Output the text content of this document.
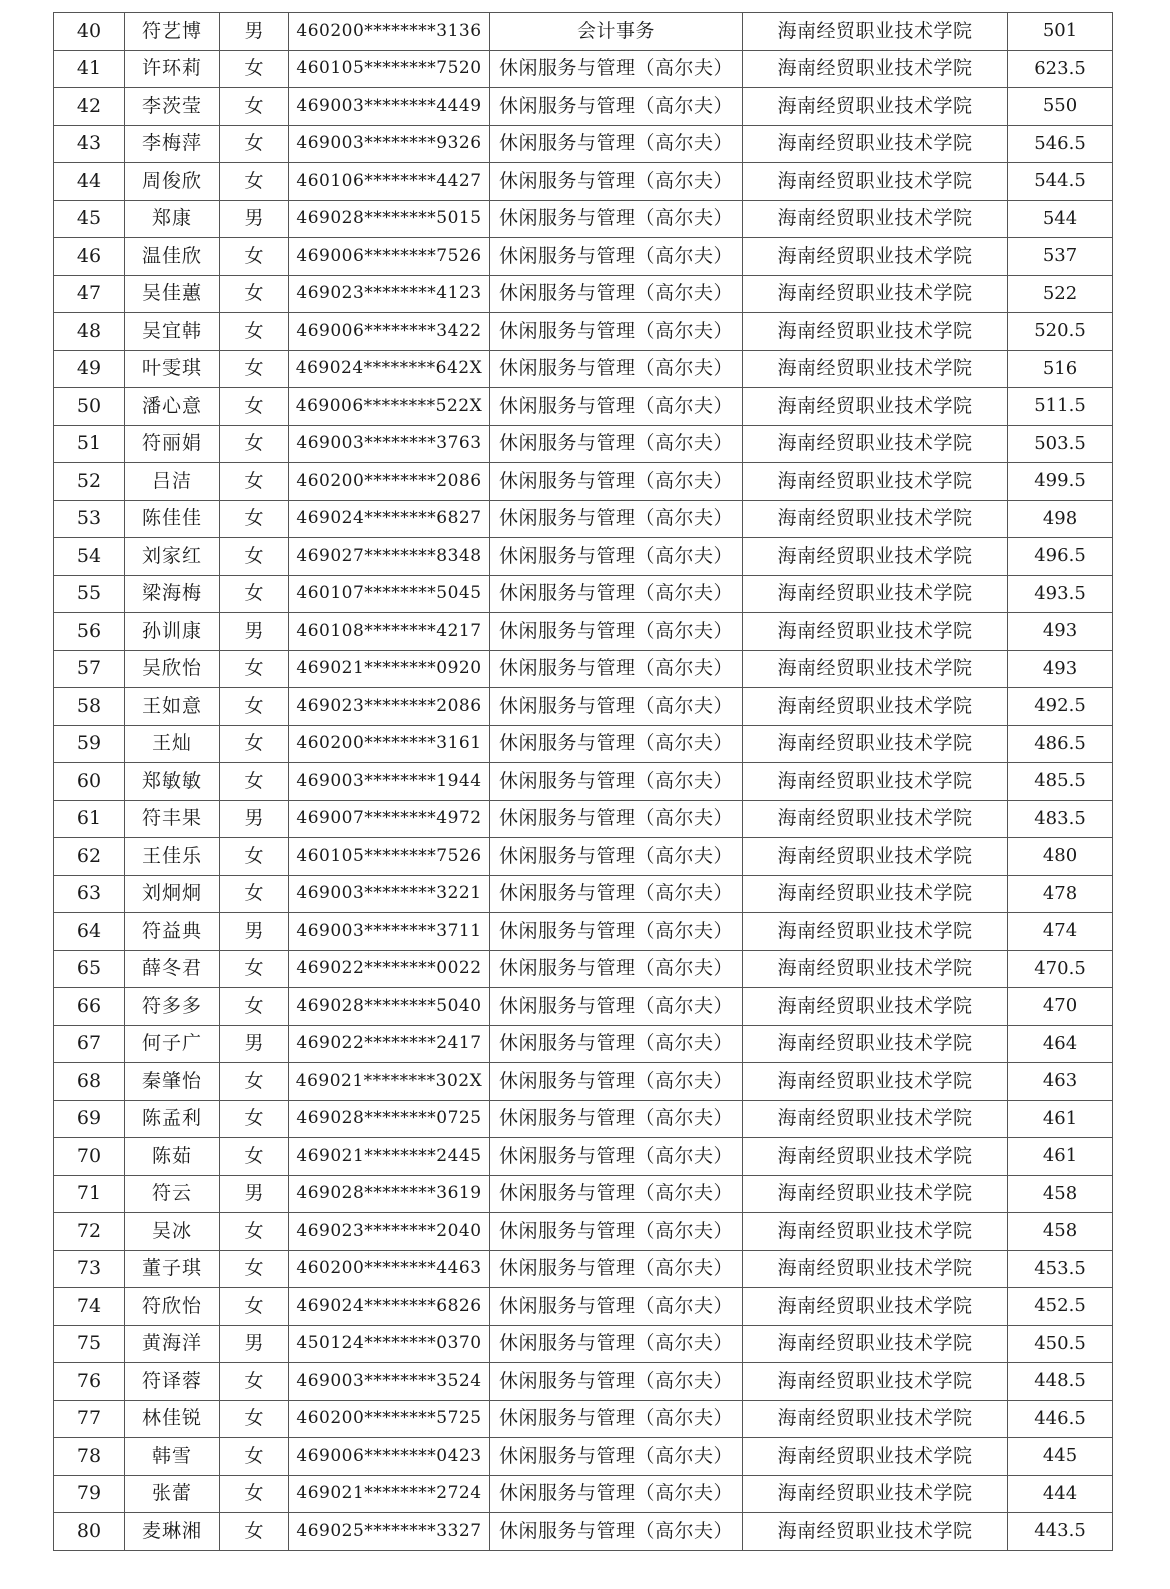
40	符艺博	男	460200********3136	会计事务	海南经贸职业技术学院	501
41	许环莉	女	460105********7520	休闲服务与管理（高尔夫）	海南经贸职业技术学院	623.5
42	李茨莹	女	469003********4449	休闲服务与管理（高尔夫）	海南经贸职业技术学院	550
43	李梅萍	女	469003********9326	休闲服务与管理（高尔夫）	海南经贸职业技术学院	546.5
44	周俊欣	女	460106********4427	休闲服务与管理（高尔夫）	海南经贸职业技术学院	544.5
45	郑康	男	469028********5015	休闲服务与管理（高尔夫）	海南经贸职业技术学院	544
46	温佳欣	女	469006********7526	休闲服务与管理（高尔夫）	海南经贸职业技术学院	537
47	吴佳蕙	女	469023********4123	休闲服务与管理（高尔夫）	海南经贸职业技术学院	522
48	吴宜韩	女	469006********3422	休闲服务与管理（高尔夫）	海南经贸职业技术学院	520.5
49	叶雯琪	女	469024********642X	休闲服务与管理（高尔夫）	海南经贸职业技术学院	516
50	潘心意	女	469006********522X	休闲服务与管理（高尔夫）	海南经贸职业技术学院	511.5
51	符丽娟	女	469003********3763	休闲服务与管理（高尔夫）	海南经贸职业技术学院	503.5
52	吕洁	女	460200********2086	休闲服务与管理（高尔夫）	海南经贸职业技术学院	499.5
53	陈佳佳	女	469024********6827	休闲服务与管理（高尔夫）	海南经贸职业技术学院	498
54	刘家红	女	469027********8348	休闲服务与管理（高尔夫）	海南经贸职业技术学院	496.5
55	梁海梅	女	460107********5045	休闲服务与管理（高尔夫）	海南经贸职业技术学院	493.5
56	孙训康	男	460108********4217	休闲服务与管理（高尔夫）	海南经贸职业技术学院	493
57	吴欣怡	女	469021********0920	休闲服务与管理（高尔夫）	海南经贸职业技术学院	493
58	王如意	女	469023********2086	休闲服务与管理（高尔夫）	海南经贸职业技术学院	492.5
59	王灿	女	460200********3161	休闲服务与管理（高尔夫）	海南经贸职业技术学院	486.5
60	郑敏敏	女	469003********1944	休闲服务与管理（高尔夫）	海南经贸职业技术学院	485.5
61	符丰果	男	469007********4972	休闲服务与管理（高尔夫）	海南经贸职业技术学院	483.5
62	王佳乐	女	460105********7526	休闲服务与管理（高尔夫）	海南经贸职业技术学院	480
63	刘炯炯	女	469003********3221	休闲服务与管理（高尔夫）	海南经贸职业技术学院	478
64	符益典	男	469003********3711	休闲服务与管理（高尔夫）	海南经贸职业技术学院	474
65	薛冬君	女	469022********0022	休闲服务与管理（高尔夫）	海南经贸职业技术学院	470.5
66	符多多	女	469028********5040	休闲服务与管理（高尔夫）	海南经贸职业技术学院	470
67	何子广	男	469022********2417	休闲服务与管理（高尔夫）	海南经贸职业技术学院	464
68	秦肇怡	女	469021********302X	休闲服务与管理（高尔夫）	海南经贸职业技术学院	463
69	陈孟利	女	469028********0725	休闲服务与管理（高尔夫）	海南经贸职业技术学院	461
70	陈茹	女	469021********2445	休闲服务与管理（高尔夫）	海南经贸职业技术学院	461
71	符云	男	469028********3619	休闲服务与管理（高尔夫）	海南经贸职业技术学院	458
72	吴冰	女	469023********2040	休闲服务与管理（高尔夫）	海南经贸职业技术学院	458
73	董子琪	女	460200********4463	休闲服务与管理（高尔夫）	海南经贸职业技术学院	453.5
74	符欣怡	女	469024********6826	休闲服务与管理（高尔夫）	海南经贸职业技术学院	452.5
75	黄海洋	男	450124********0370	休闲服务与管理（高尔夫）	海南经贸职业技术学院	450.5
76	符译蓉	女	469003********3524	休闲服务与管理（高尔夫）	海南经贸职业技术学院	448.5
77	林佳锐	女	460200********5725	休闲服务与管理（高尔夫）	海南经贸职业技术学院	446.5
78	韩雪	女	469006********0423	休闲服务与管理（高尔夫）	海南经贸职业技术学院	445
79	张蕾	女	469021********2724	休闲服务与管理（高尔夫）	海南经贸职业技术学院	444
80	麦琳湘	女	469025********3327	休闲服务与管理（高尔夫）	海南经贸职业技术学院	443.5
